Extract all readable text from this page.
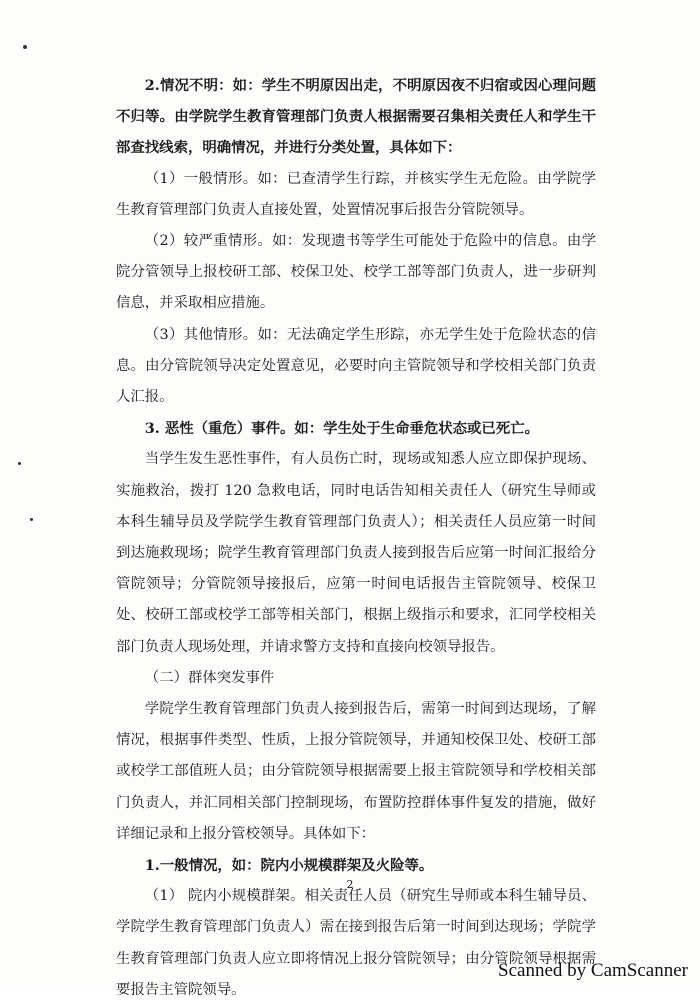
2.情况不明：如：学生不明原因出走，不明原因夜不归宿或因心理问题不归等。由学院学生教育管理部门负责人根据需要召集相关责任人和学生干部查找线索，明确情况，并进行分类处置，具体如下：

（1）一般情形。如：已查清学生行踪，并核实学生无危险。由学院学生教育管理部门负责人直接处置，处置情况事后报告分管院领导。

（2）较严重情形。如：发现遗书等学生可能处于危险中的信息。由学院分管领导上报校研工部、校保卫处、校学工部等部门负责人，进一步研判信息，并采取相应措施。

（3）其他情形。如：无法确定学生形踪，亦无学生处于危险状态的信息。由分管院领导决定处置意见，必要时向主管院领导和学校相关部门负责人汇报。

3. 恶性（重危）事件。如：学生处于生命垂危状态或已死亡。

当学生发生恶性事件，有人员伤亡时，现场或知悉人应立即保护现场、实施救治，拨打 120 急救电话，同时电话告知相关责任人（研究生导师或本科生辅导员及学院学生教育管理部门负责人）；相关责任人员应第一时间到达施救现场；院学生教育管理部门负责人接到报告后应第一时间汇报给分管院领导；分管院领导接报后，应第一时间电话报告主管院领导、校保卫处、校研工部或校学工部等相关部门，根据上级指示和要求，汇同学校相关部门负责人现场处理，并请求警方支持和直接向校领导报告。

（二）群体突发事件

学院学生教育管理部门负责人接到报告后，需第一时间到达现场，了解情况，根据事件类型、性质，上报分管院领导，并通知校保卫处、校研工部或校学工部值班人员；由分管院领导根据需要上报主管院领导和学校相关部门负责人，并汇同相关部门控制现场，布置防控群体事件复发的措施，做好详细记录和上报分管校领导。具体如下：

1.一般情况，如：院内小规模群架及火险等。

（1） 院内小规模群架。相关责任人员（研究生导师或本科生辅导员、学院学生教育管理部门负责人）需在接到报告后第一时间到达现场；学院学生教育管理部门负责人应立即将情况上报分管院领导；由分管院领导根据需要报告主管院领导。

2
Scanned by CamScanner
